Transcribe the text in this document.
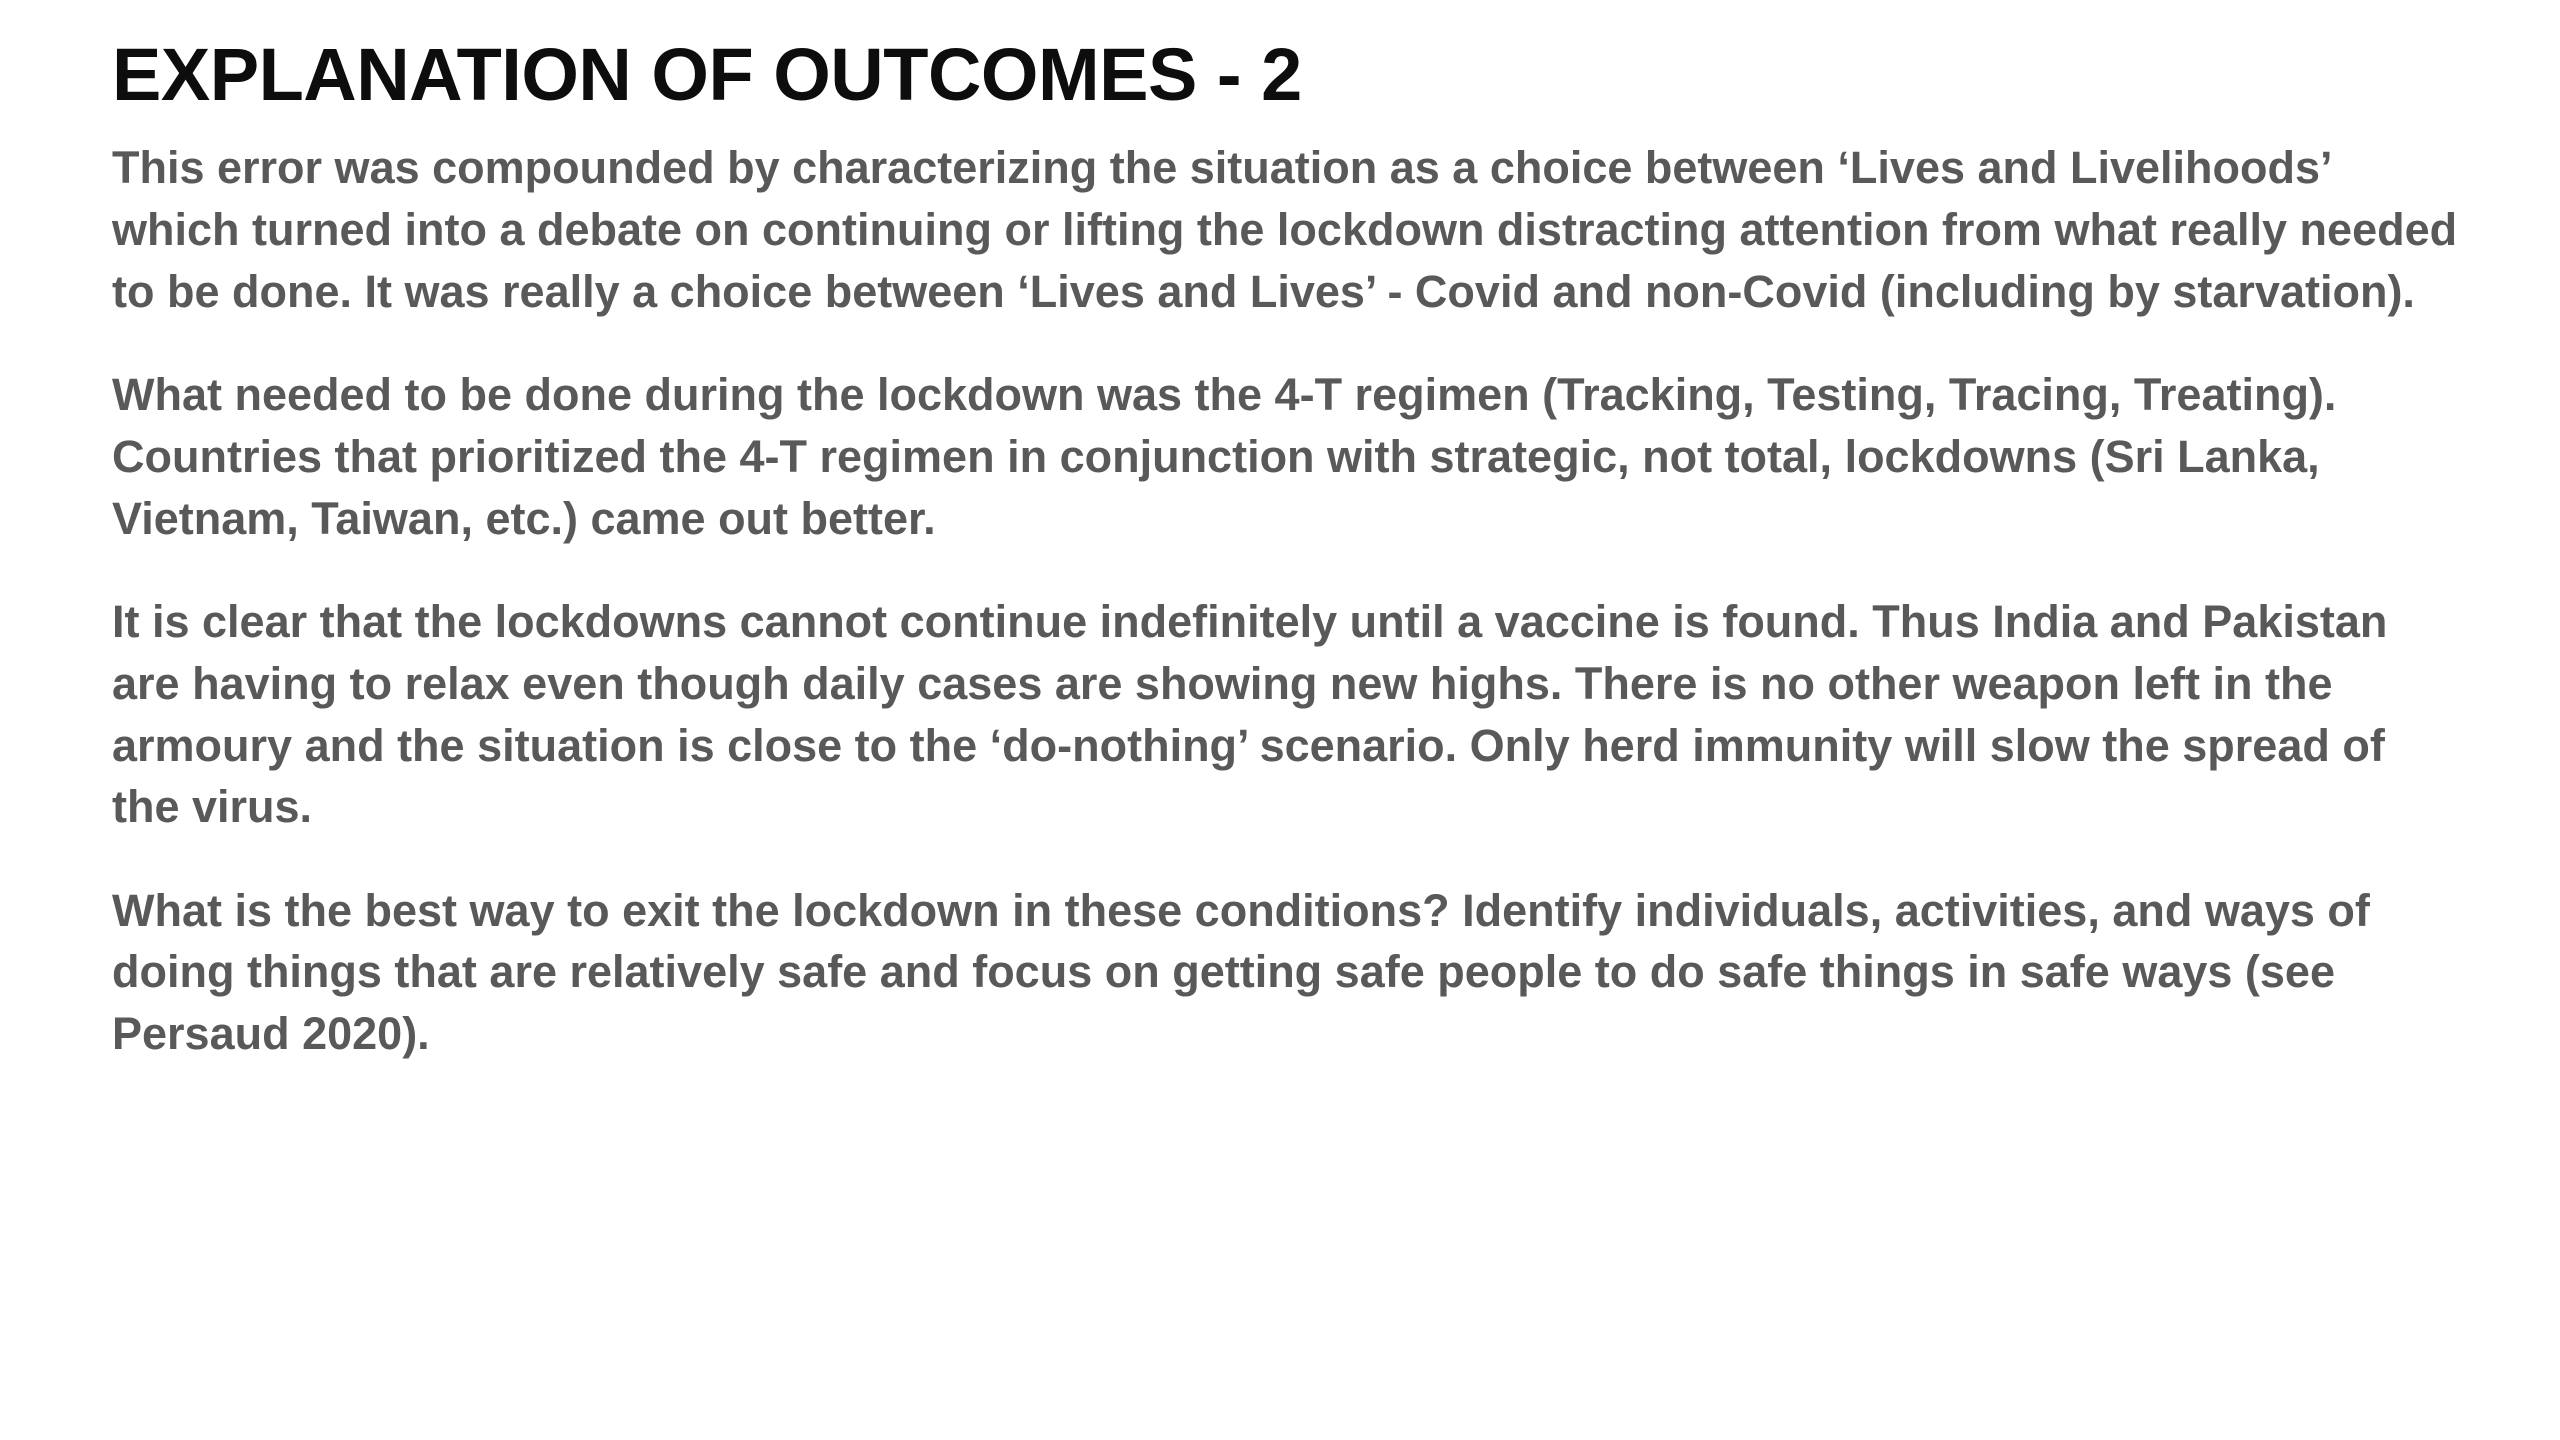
EXPLANATION OF OUTCOMES - 2

This error was compounded by characterizing the situation as a choice between ‘Lives and Livelihoods’ which turned into a debate on continuing or lifting the lockdown distracting attention from what really needed to be done. It was really a choice between ‘Lives and Lives’ - Covid and non-Covid (including by starvation).

What needed to be done during the lockdown was the 4-T regimen (Tracking, Testing, Tracing, Treating). Countries that prioritized the 4-T regimen in conjunction with strategic, not total, lockdowns (Sri Lanka, Vietnam, Taiwan, etc.) came out better.

It is clear that the lockdowns cannot continue indefinitely until a vaccine is found. Thus India and Pakistan are having to relax even though daily cases are showing new highs. There is no other weapon left in the armoury and the situation is close to the ‘do-nothing’ scenario. Only herd immunity will slow the spread of the virus.

What is the best way to exit the lockdown in these conditions? Identify individuals, activities, and ways of doing things that are relatively safe and focus on getting safe people to do safe things in safe ways (see Persaud 2020).
